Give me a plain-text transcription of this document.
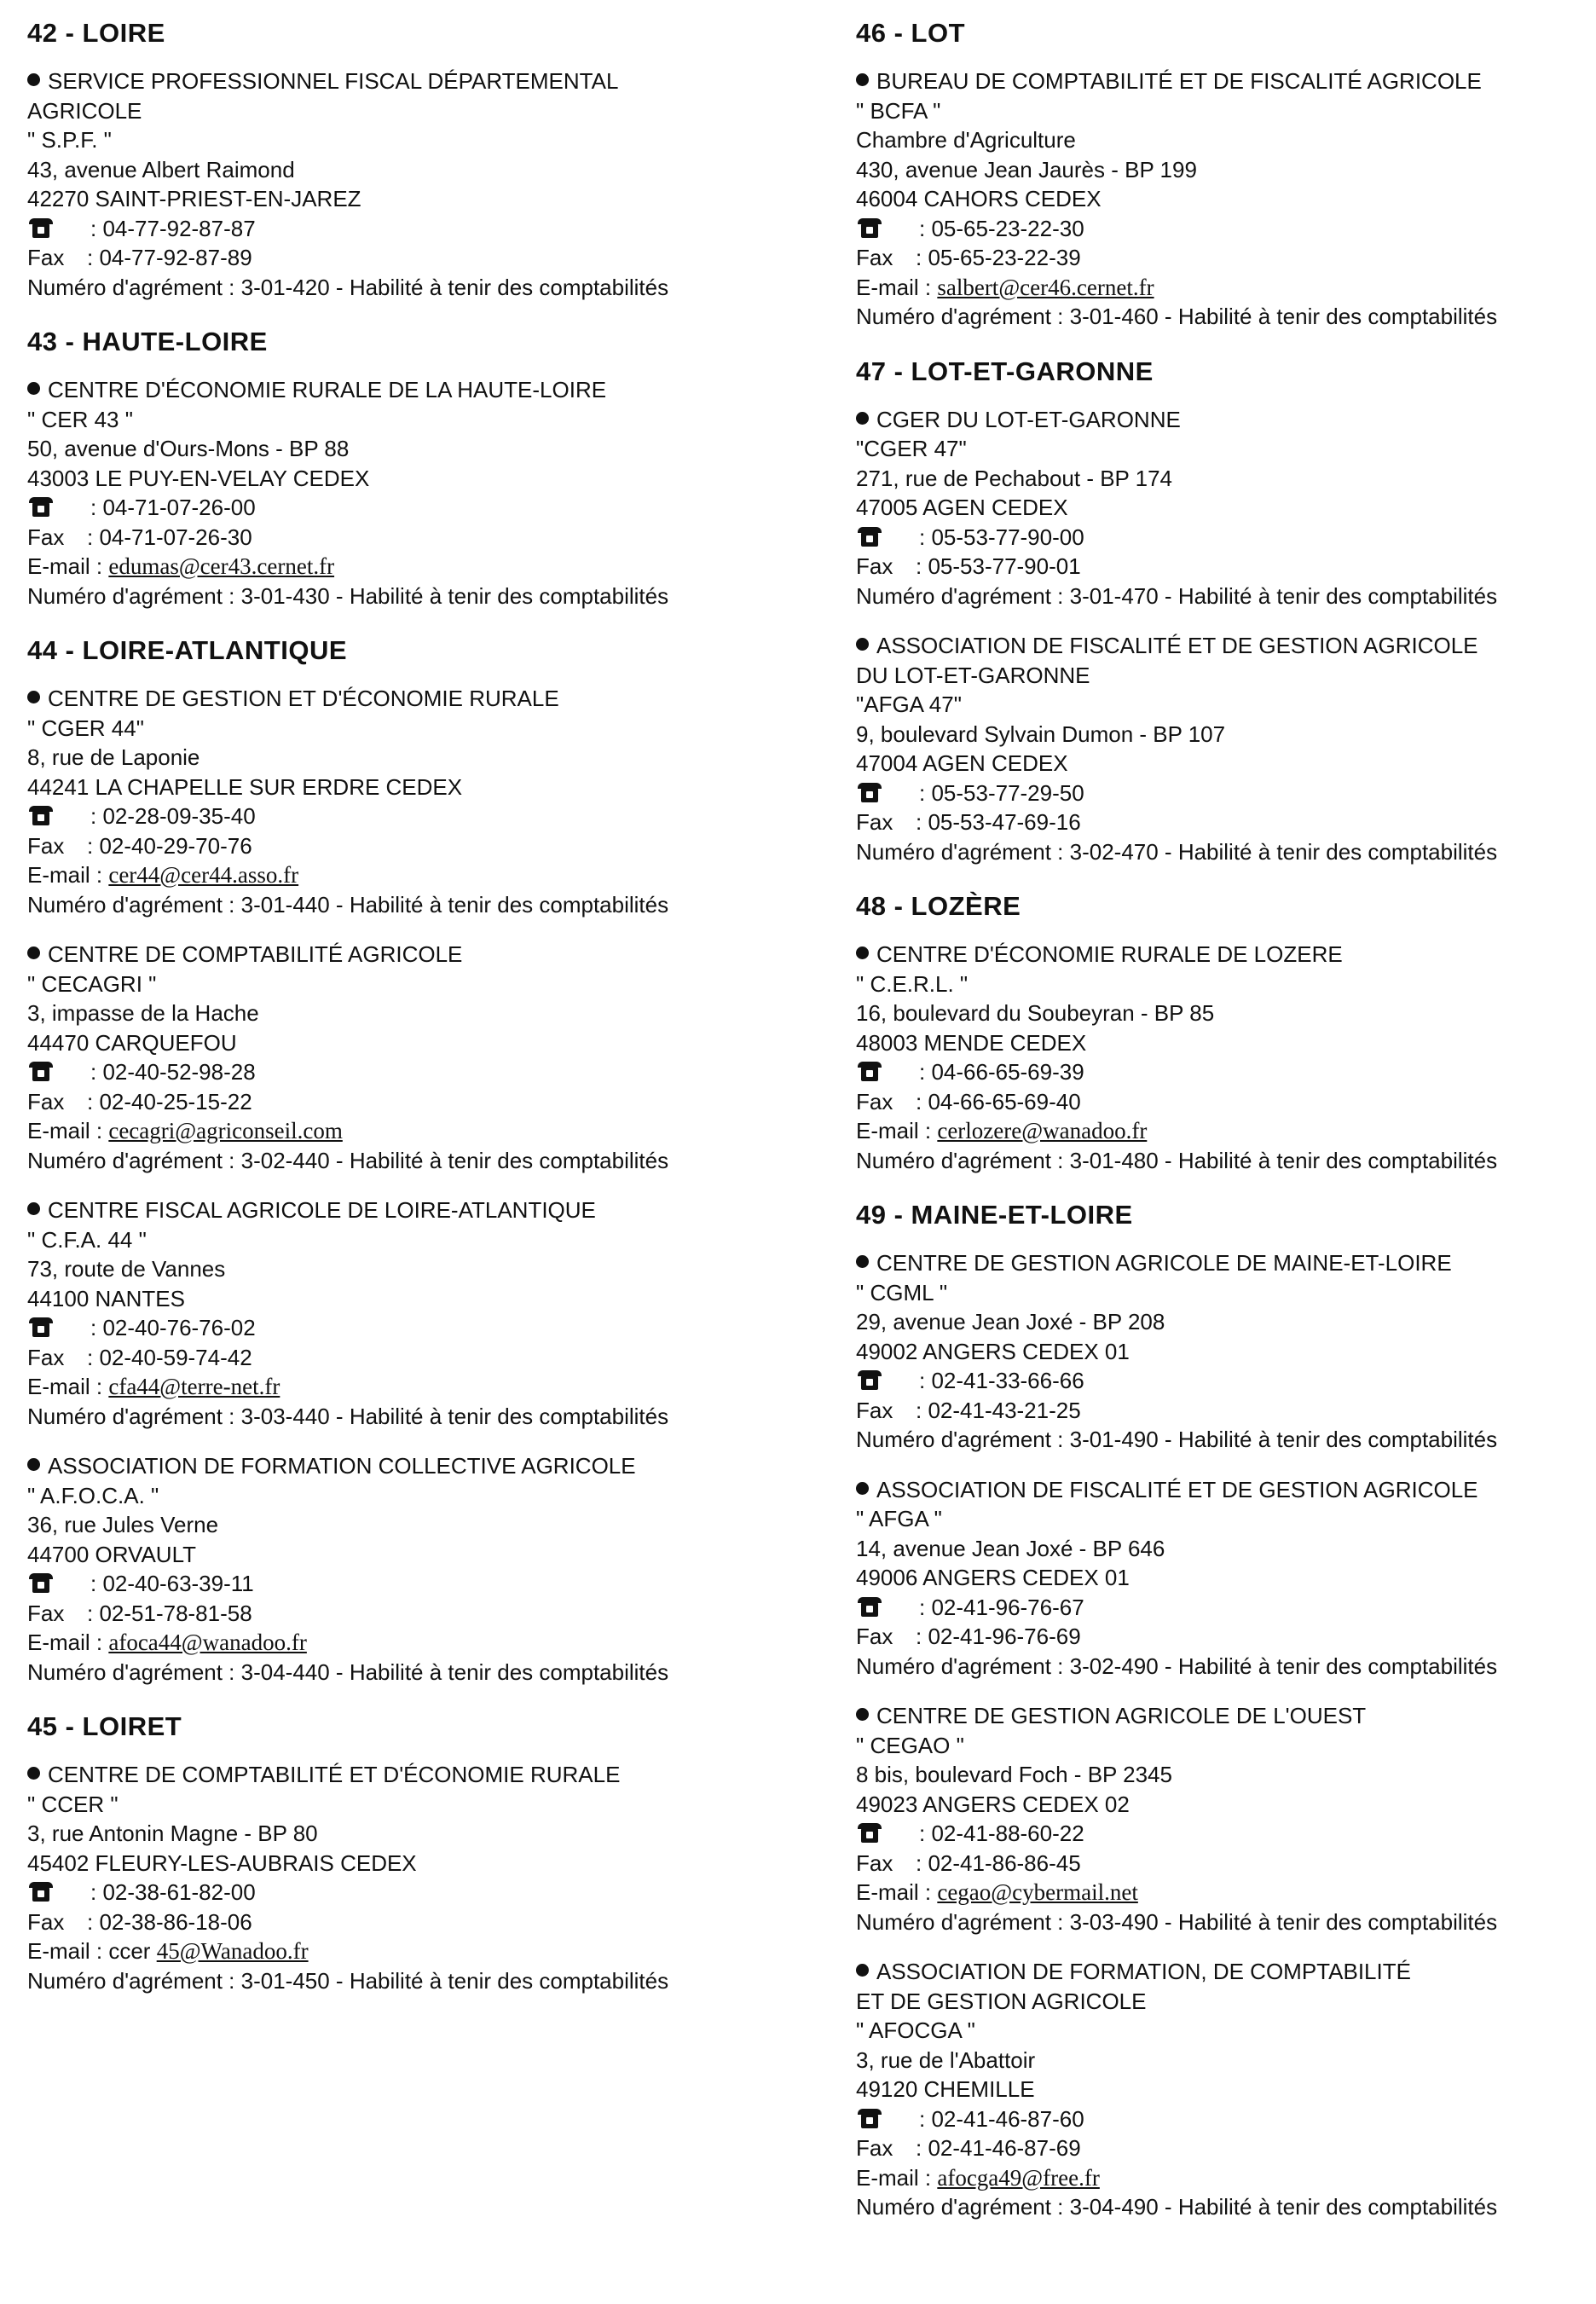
42 - LOIRE
SERVICE PROFESSIONNEL FISCAL DÉPARTEMENTAL
AGRICOLE
" S.P.F. "
43, avenue Albert Raimond
42270 SAINT-PRIEST-EN-JAREZ
: 04-77-92-87-87
Fax : 04-77-92-87-89
Numéro d'agrément : 3-01-420 - Habilité à tenir des comptabilités
43 - HAUTE-LOIRE
CENTRE D'ÉCONOMIE RURALE DE LA HAUTE-LOIRE
" CER 43 "
50, avenue d'Ours-Mons - BP 88
43003 LE PUY-EN-VELAY CEDEX
: 04-71-07-26-00
Fax : 04-71-07-26-30
E-mail : edumas@cer43.cernet.fr
Numéro d'agrément : 3-01-430 - Habilité à tenir des comptabilités
44 - LOIRE-ATLANTIQUE
CENTRE DE GESTION ET D'ÉCONOMIE RURALE
" CGER 44"
8, rue de Laponie
44241 LA CHAPELLE SUR ERDRE CEDEX
: 02-28-09-35-40
Fax : 02-40-29-70-76
E-mail : cer44@cer44.asso.fr
Numéro d'agrément : 3-01-440 - Habilité à tenir des comptabilités
CENTRE DE COMPTABILITÉ AGRICOLE
" CECAGRI "
3, impasse de la Hache
44470 CARQUEFOU
: 02-40-52-98-28
Fax : 02-40-25-15-22
E-mail : cecagri@agriconseil.com
Numéro d'agrément : 3-02-440 - Habilité à tenir des comptabilités
CENTRE FISCAL AGRICOLE DE LOIRE-ATLANTIQUE
" C.F.A. 44 "
73, route de Vannes
44100 NANTES
: 02-40-76-76-02
Fax : 02-40-59-74-42
E-mail : cfa44@terre-net.fr
Numéro d'agrément : 3-03-440 - Habilité à tenir des comptabilités
ASSOCIATION DE FORMATION COLLECTIVE AGRICOLE
" A.F.O.C.A. "
36, rue Jules Verne
44700 ORVAULT
: 02-40-63-39-11
Fax : 02-51-78-81-58
E-mail : afoca44@wanadoo.fr
Numéro d'agrément : 3-04-440 - Habilité à tenir des comptabilités
45 - LOIRET
CENTRE DE COMPTABILITÉ ET D'ÉCONOMIE RURALE
" CCER "
3, rue Antonin Magne - BP 80
45402 FLEURY-LES-AUBRAIS CEDEX
: 02-38-61-82-00
Fax : 02-38-86-18-06
E-mail : ccer 45@Wanadoo.fr
Numéro d'agrément : 3-01-450 - Habilité à tenir des comptabilités
46 - LOT
BUREAU DE COMPTABILITÉ ET DE FISCALITÉ AGRICOLE
" BCFA "
Chambre d'Agriculture
430, avenue Jean Jaurès - BP 199
46004 CAHORS CEDEX
: 05-65-23-22-30
Fax : 05-65-23-22-39
E-mail : salbert@cer46.cernet.fr
Numéro d'agrément : 3-01-460 - Habilité à tenir des comptabilités
47 - LOT-ET-GARONNE
CGER DU LOT-ET-GARONNE
"CGER 47"
271, rue de Pechabout - BP 174
47005 AGEN CEDEX
: 05-53-77-90-00
Fax : 05-53-77-90-01
Numéro d'agrément : 3-01-470 - Habilité à tenir des comptabilités
ASSOCIATION DE FISCALITÉ ET DE GESTION AGRICOLE
DU LOT-ET-GARONNE
"AFGA 47"
9, boulevard Sylvain Dumon - BP 107
47004 AGEN CEDEX
: 05-53-77-29-50
Fax : 05-53-47-69-16
Numéro d'agrément : 3-02-470 - Habilité à tenir des comptabilités
48 - LOZÈRE
CENTRE D'ÉCONOMIE RURALE DE LOZERE
" C.E.R.L. "
16, boulevard du Soubeyran - BP 85
48003 MENDE CEDEX
: 04-66-65-69-39
Fax : 04-66-65-69-40
E-mail : cerlozere@wanadoo.fr
Numéro d'agrément : 3-01-480 - Habilité à tenir des comptabilités
49 - MAINE-ET-LOIRE
CENTRE DE GESTION AGRICOLE DE MAINE-ET-LOIRE
" CGML "
29, avenue Jean Joxé - BP 208
49002 ANGERS CEDEX 01
: 02-41-33-66-66
Fax : 02-41-43-21-25
Numéro d'agrément : 3-01-490 - Habilité à tenir des comptabilités
ASSOCIATION DE FISCALITÉ ET DE GESTION AGRICOLE
" AFGA "
14, avenue Jean Joxé - BP 646
49006 ANGERS CEDEX 01
: 02-41-96-76-67
Fax : 02-41-96-76-69
Numéro d'agrément : 3-02-490 - Habilité à tenir des comptabilités
CENTRE DE GESTION AGRICOLE DE L'OUEST
" CEGAO "
8 bis, boulevard Foch - BP 2345
49023 ANGERS CEDEX 02
: 02-41-88-60-22
Fax : 02-41-86-86-45
E-mail : cegao@cybermail.net
Numéro d'agrément : 3-03-490 - Habilité à tenir des comptabilités
ASSOCIATION DE FORMATION, DE COMPTABILITÉ
ET DE GESTION AGRICOLE
" AFOCGA "
3, rue de l'Abattoir
49120 CHEMILLE
: 02-41-46-87-60
Fax : 02-41-46-87-69
E-mail : afocga49@free.fr
Numéro d'agrément : 3-04-490 - Habilité à tenir des comptabilités
